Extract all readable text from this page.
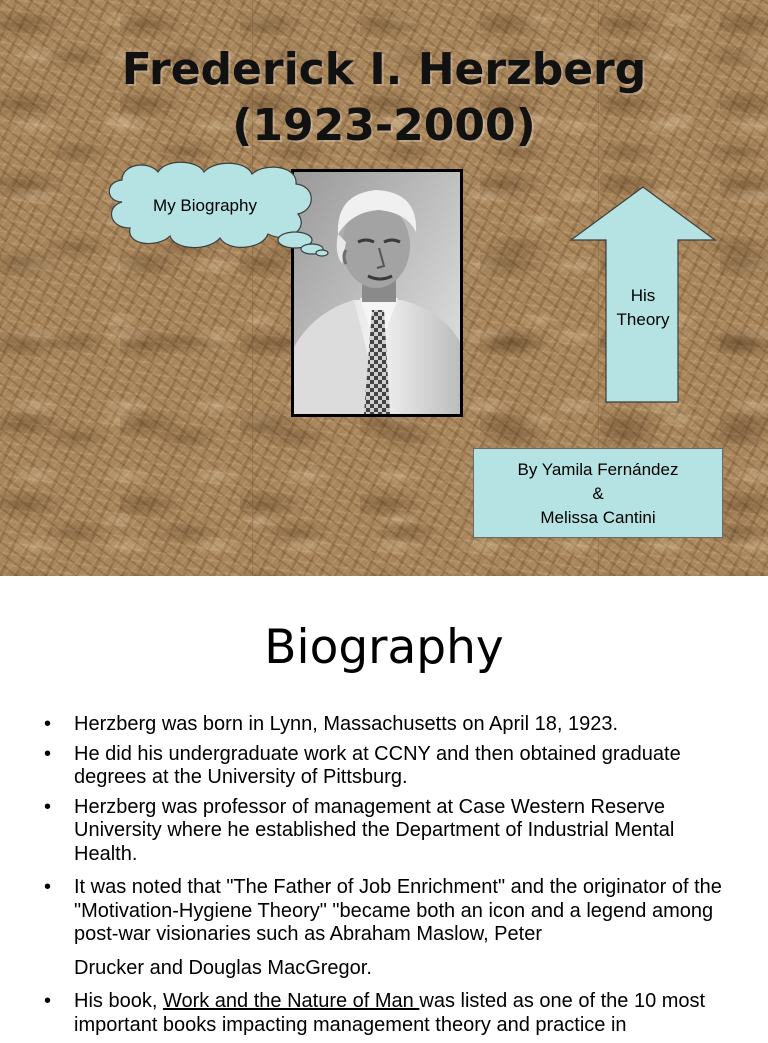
Frederick I. Herzberg
(1923-2000)
My Biography
His
Theory
By Yamila Fernández
&
Melissa Cantini
Biography
• Herzberg was born in Lynn, Massachusetts on April 18, 1923.
• He did his undergraduate work at CCNY and then obtained graduate degrees at the University of Pittsburg.
• Herzberg was professor of management at Case Western Reserve University where he established the Department of Industrial Mental Health.
• It was noted that "The Father of Job Enrichment" and the originator of the "Motivation-Hygiene Theory" "became both an icon and a legend among post-war visionaries such as Abraham Maslow, Peter
Drucker and Douglas MacGregor.
• His book, Work and the Nature of Man was listed as one of the 10 most important books impacting management theory and practice in
